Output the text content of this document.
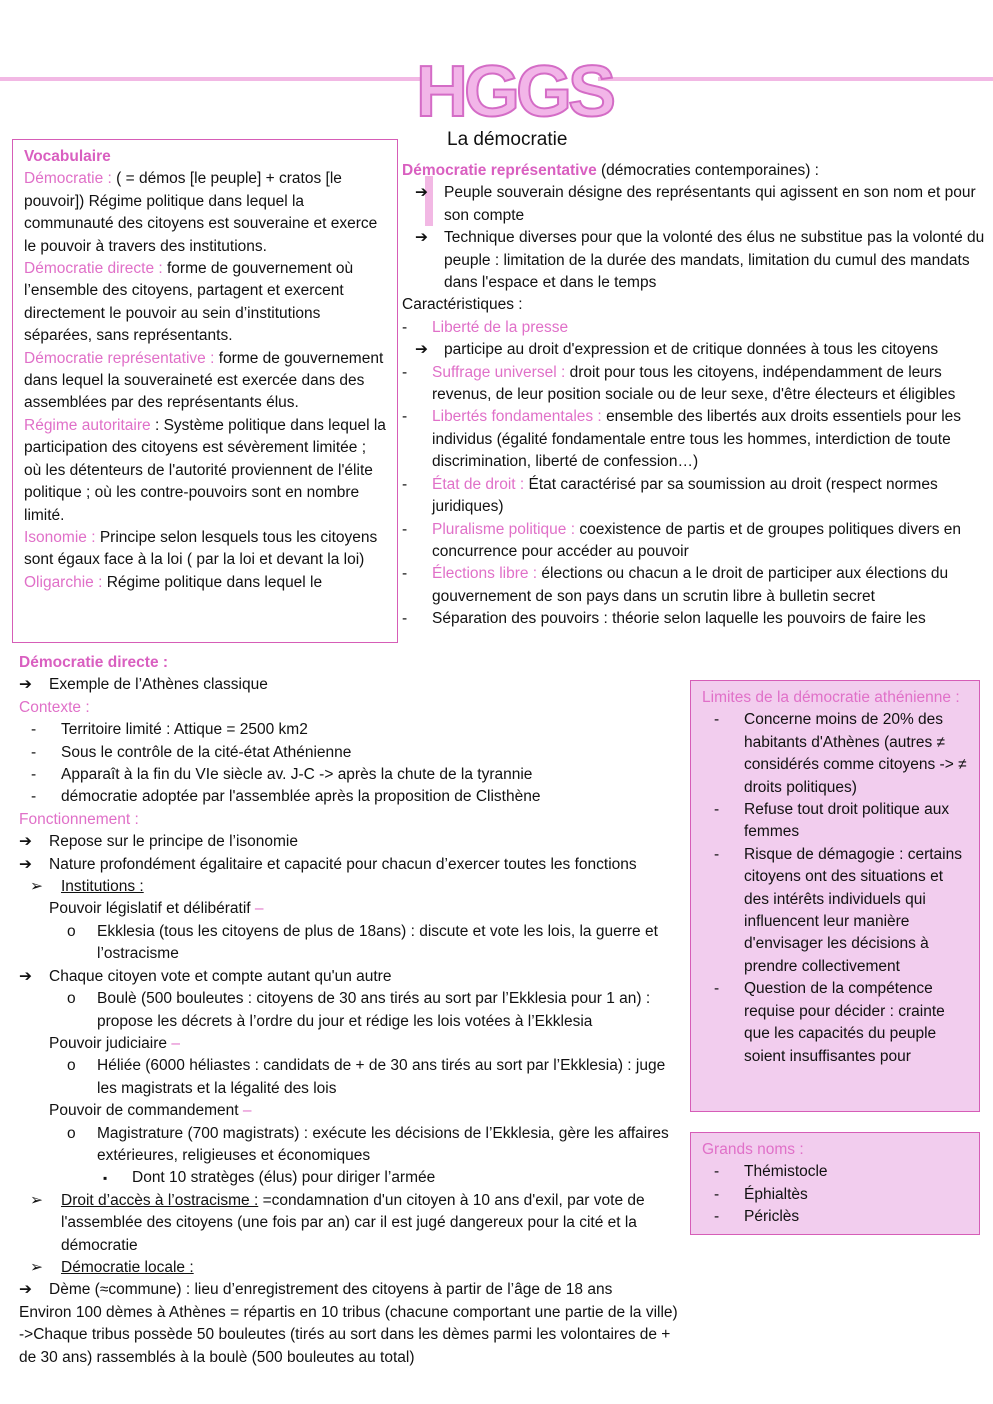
HGGS
La démocratie
Vocabulaire

Démocratie : ( = démos [le peuple] + cratos [le pouvoir]) Régime politique dans lequel la communauté des citoyens est souveraine et exerce le pouvoir à travers des institutions.

Démocratie directe : forme de gouvernement où l’ensemble des citoyens, partagent et exercent directement le pouvoir au sein d’institutions séparées, sans représentants.

Démocratie représentative : forme de gouvernement dans lequel la souveraineté est exercée dans des assemblées par des représentants élus.

Régime autoritaire : Système politique dans lequel la participation des citoyens est sévèrement limitée ; où les détenteurs de l'autorité proviennent de l'élite politique ; où les contre-pouvoirs sont en nombre limité.

Isonomie : Principe selon lesquels tous les citoyens sont égaux face à la loi ( par la loi et devant la loi)

Oligarchie : Régime politique dans lequel le

Démocratie représentative (démocraties contemporaines) :

➔ Peuple souverain désigne des représentants qui agissent en son nom et pour son compte
➔ Technique diverses pour que la volonté des élus ne substitue pas la volonté du peuple : limitation de la durée des mandats, limitation du cumul des mandats dans l'espace et dans le temps

Caractéristiques :

- Liberté de la presse
➔ participe au droit d'expression et de critique données à tous les citoyens
- Suffrage universel : droit pour tous les citoyens, indépendamment de leurs revenus, de leur position sociale ou de leur sexe, d'être électeurs et éligibles
- Libertés fondamentales : ensemble des libertés aux droits essentiels pour les individus (égalité fondamentale entre tous les hommes, interdiction de toute discrimination, liberté de confession…)
- État de droit : État caractérisé par sa soumission au droit (respect normes juridiques)
- Pluralisme politique : coexistence de partis et de groupes politiques divers en concurrence pour accéder au pouvoir
- Élections libre : élections ou chacun a le droit de participer aux élections du gouvernement de son pays dans un scrutin libre à bulletin secret
- Séparation des pouvoirs : théorie selon laquelle les pouvoirs de faire les
Démocratie directe :
➔ Exemple de l’Athènes classique
Contexte :
- Territoire limité : Attique = 2500 km2
- Sous le contrôle de la cité-état Athénienne
- Apparaît à la fin du VIe siècle av. J-C -> après la chute de la tyrannie
- démocratie adoptée par l'assemblée après la proposition de Clisthène
Fonctionnement :
➔ Repose sur le principe de l’isonomie
➔ Nature profondément égalitaire et capacité pour chacun d’exercer toutes les fonctions
➢ Institutions :
Pouvoir législatif et délibératif –
o Ekklesia (tous les citoyens de plus de 18ans) : discute et vote les lois, la guerre et l’ostracisme
➔ Chaque citoyen vote et compte autant qu'un autre
o Boulè (500 bouleutes : citoyens de 30 ans tirés au sort par l’Ekklesia pour 1 an) : propose les décrets à l’ordre du jour et rédige les lois votées à l’Ekklesia
Pouvoir judiciaire –
o Héliée (6000 héliastes : candidats de + de 30 ans tirés au sort par l’Ekklesia) : juge les magistrats et la légalité des lois
Pouvoir de commandement –
o Magistrature (700 magistrats) : exécute les décisions de l’Ekklesia, gère les affaires extérieures, religieuses et économiques
▪ Dont 10 stratèges (élus) pour diriger l’armée
➢ Droit d’accès à l’ostracisme : =condamnation d'un citoyen à 10 ans d'exil, par vote de l'assemblée des citoyens (une fois par an) car il est jugé dangereux pour la cité et la démocratie
➢ Démocratie locale :
➔ Dème (≈commune) : lieu d’enregistrement des citoyens à partir de l’âge de 18 ans

Environ 100 dèmes à Athènes = répartis en 10 tribus (chacune comportant une partie de la ville)

->Chaque tribus possède 50 bouleutes (tirés au sort dans les dèmes parmi les volontaires de + de 30 ans) rassemblés à la boulè (500 bouleutes au total)

Limites de la démocratie athénienne :
- Concerne moins de 20% des habitants d'Athènes (autres ≠ considérés comme citoyens -> ≠ droits politiques)
- Refuse tout droit politique aux femmes
- Risque de démagogie : certains citoyens ont des situations et des intérêts individuels qui influencent leur manière d'envisager les décisions à prendre collectivement
- Question de la compétence requise pour décider : crainte que les capacités du peuple soient insuffisantes pour
Grands noms :
- Thémistocle
- Éphialtès
- Périclès
